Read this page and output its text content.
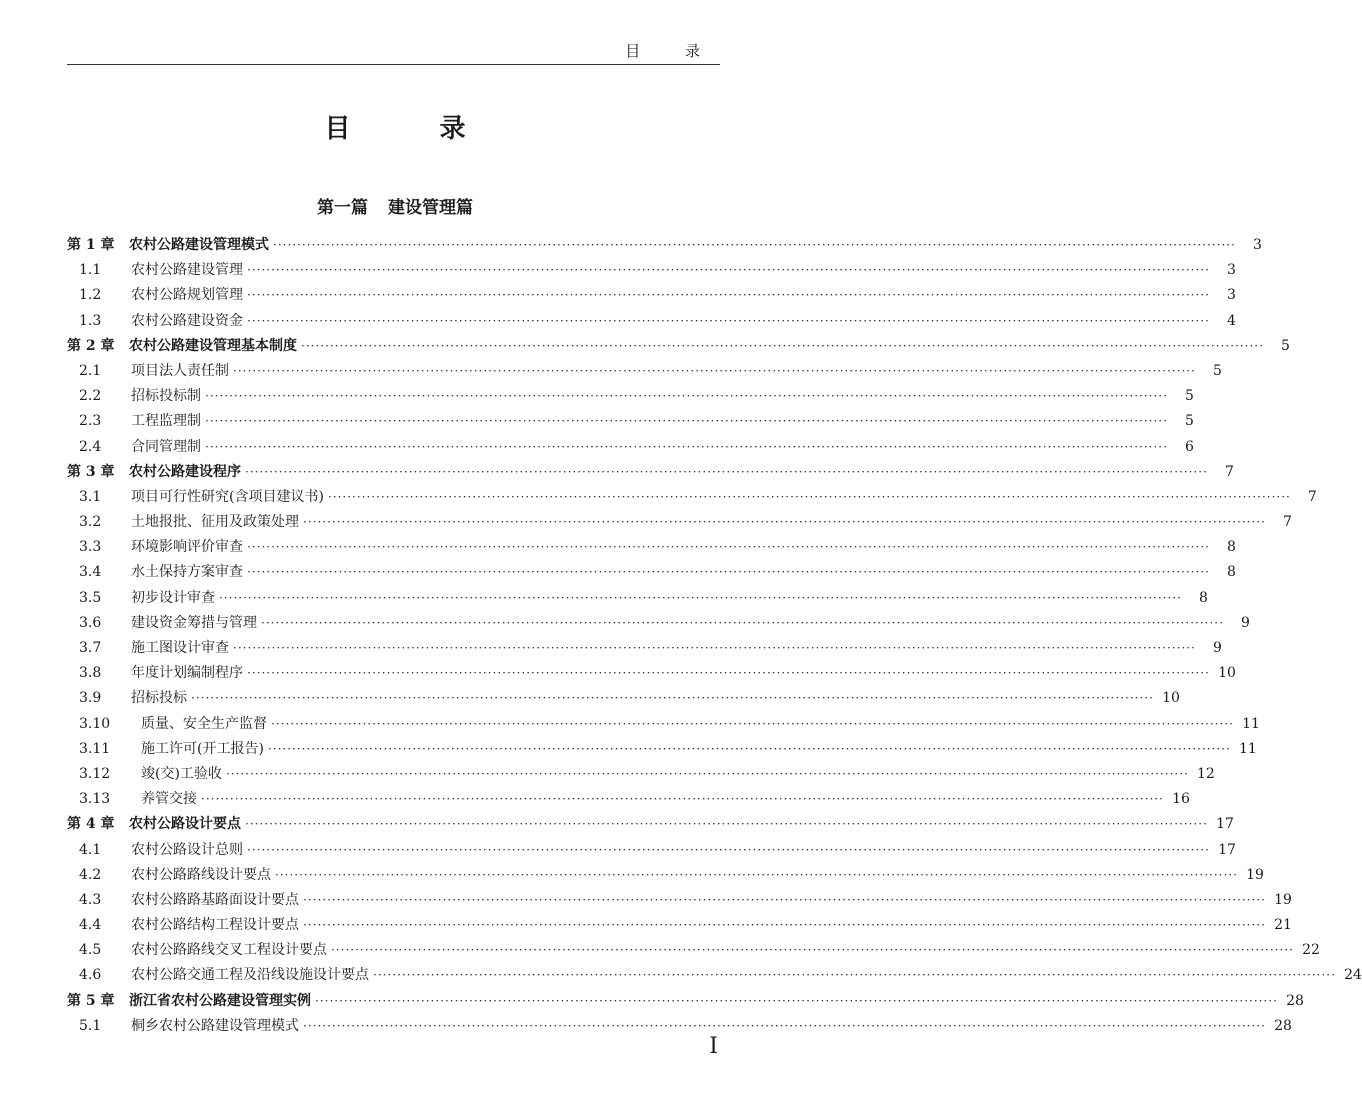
目 录
目 录
第一篇 建设管理篇
第 1 章	农村公路建设管理模式 ········································································································································································································	3
1.1	农村公路建设管理 ········································································································································································································	3
1.2	农村公路规划管理 ········································································································································································································	3
1.3	农村公路建设资金 ········································································································································································································	4
第 2 章	农村公路建设管理基本制度 ········································································································································································································	5
2.1	项目法人责任制 ········································································································································································································	5
2.2	招标投标制 ········································································································································································································	5
2.3	工程监理制 ········································································································································································································	5
2.4	合同管理制 ········································································································································································································	6
第 3 章	农村公路建设程序 ········································································································································································································	7
3.1	项目可行性研究(含项目建议书) ········································································································································································································	7
3.2	土地报批、征用及政策处理 ········································································································································································································	7
3.3	环境影响评价审查 ········································································································································································································	8
3.4	水土保持方案审查 ········································································································································································································	8
3.5	初步设计审查 ········································································································································································································	8
3.6	建设资金筹措与管理 ········································································································································································································	9
3.7	施工图设计审查 ········································································································································································································	9
3.8	年度计划编制程序 ········································································································································································································ 10
3.9	招标投标 ········································································································································································································ 10
3.10	质量、安全生产监督 ········································································································································································································ 11
3.11	施工许可(开工报告) ········································································································································································································ 11
3.12	竣(交)工验收 ········································································································································································································ 12
3.13	养管交接 ········································································································································································································ 16
第 4 章	农村公路设计要点 ········································································································································································································ 17
4.1	农村公路设计总则 ········································································································································································································ 17
4.2	农村公路路线设计要点 ········································································································································································································ 19
4.3	农村公路路基路面设计要点 ········································································································································································································ 19
4.4	农村公路结构工程设计要点 ········································································································································································································ 21
4.5	农村公路路线交叉工程设计要点 ········································································································································································································ 22
4.6	农村公路交通工程及沿线设施设计要点 ········································································································································································································ 24
第 5 章	浙江省农村公路建设管理实例 ········································································································································································································ 28
5.1	桐乡农村公路建设管理模式 ········································································································································································································ 28
I
